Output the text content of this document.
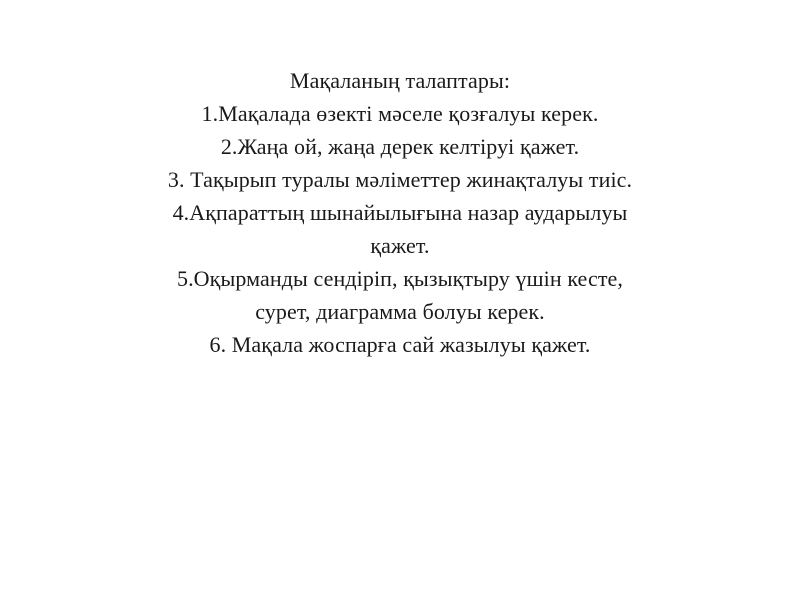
Мақаланың талаптары:
1.Мақалада өзекті мәселе қозғалуы керек.
2.Жаңа ой, жаңа дерек келтіруі қажет.
3. Тақырып туралы мәліметтер жинақталуы тиіс.
4.Ақпараттың шынайылығына назар аударылуы
қажет.
5.Оқырманды сендіріп, қызықтыру үшін кесте,
сурет, диаграмма болуы керек.
6. Мақала жоспарға сай жазылуы қажет.
